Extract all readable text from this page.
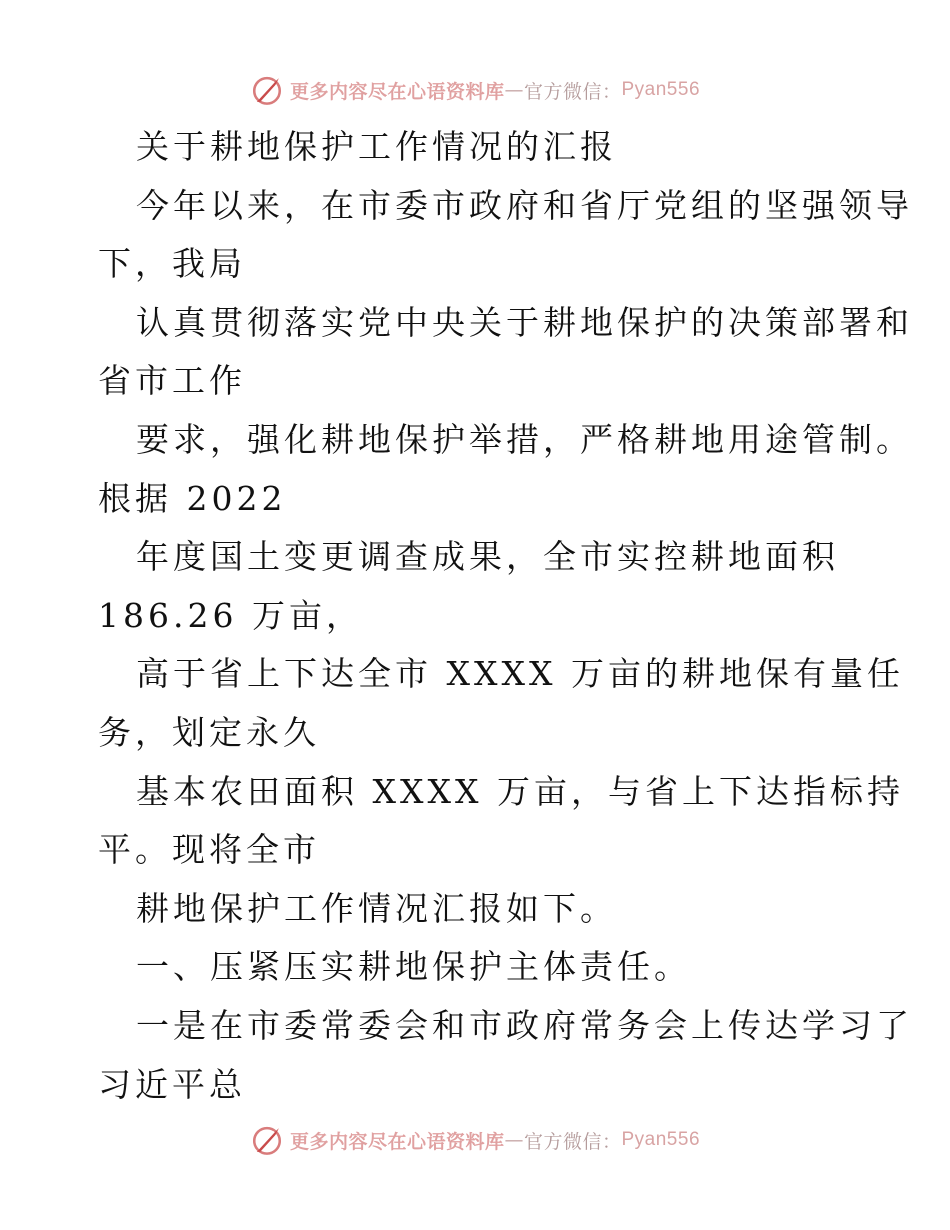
更多内容尽在心语资料库 — 官方微信： Pyan556
关于耕地保护工作情况的汇报
今年以来，在市委市政府和省厅党组的坚强领导
下，我局
认真贯彻落实党中央关于耕地保护的决策部署和
省市工作
要求，强化耕地保护举措，严格耕地用途管制。
根据 2022
年度国土变更调查成果，全市实控耕地面积
186.26 万亩，
高于省上下达全市 XXXX 万亩的耕地保有量任
务，划定永久
基本农田面积 XXXX 万亩，与省上下达指标持
平。现将全市
耕地保护工作情况汇报如下。
一、压紧压实耕地保护主体责任。
一是在市委常委会和市政府常务会上传达学习了
习近平总
更多内容尽在心语资料库 — 官方微信： Pyan556
